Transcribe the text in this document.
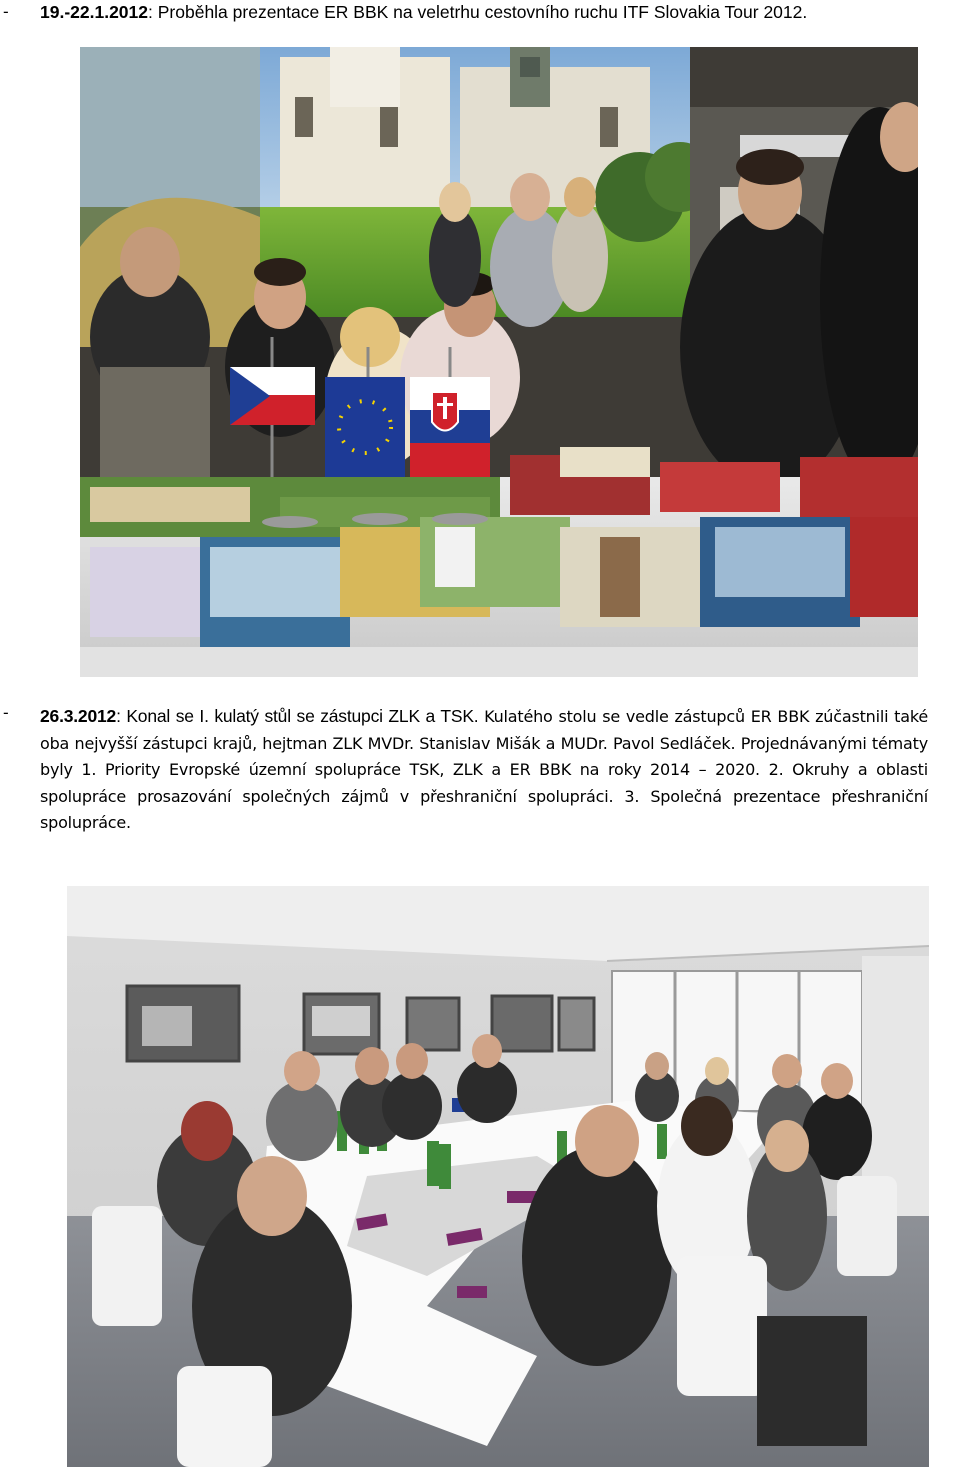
- 19.-22.1.2012: Proběhla prezentace ER BBK na veletrhu cestovního ruchu ITF Slovakia Tour 2012.
- 26.3.2012: Konal se I. kulatý stůl se zástupci ZLK a TSK. Kulatého stolu se vedle zástupců ER BBK zúčastnili také oba nejvyšší zástupci krajů, hejtman ZLK MVDr. Stanislav Mišák a MUDr. Pavol Sedláček. Projednávanými tématy byly 1. Priority Evropské územní spolupráce TSK, ZLK a ER BBK na roky 2014 – 2020. 2. Okruhy a oblasti spolupráce prosazování společných zájmů v přeshraniční spolupráci. 3. Společná prezentace přeshraniční spolupráce.
